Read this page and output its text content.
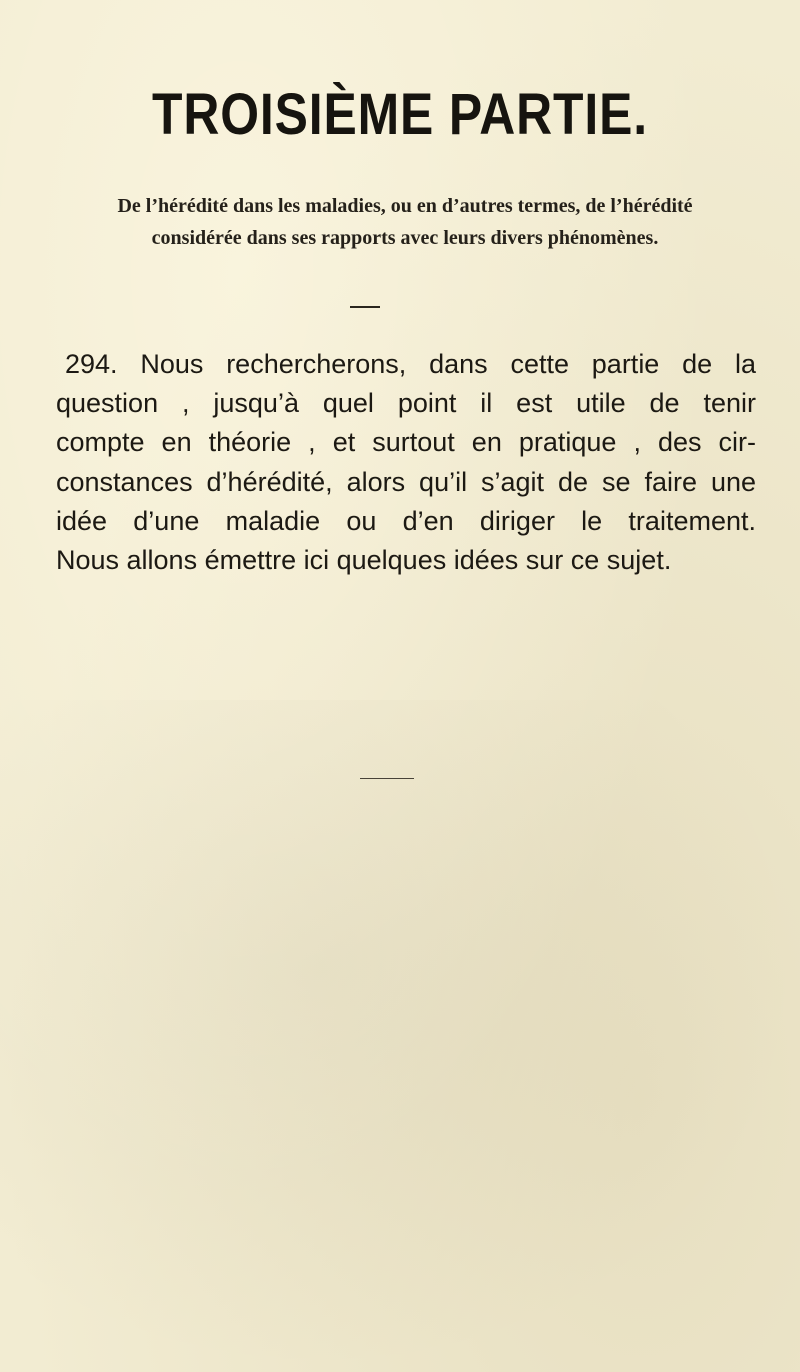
TROISIÈME PARTIE.
De l’hérédité dans les maladies, ou en d’autres termes, de l’hérédité
considérée dans ses rapports avec leurs divers phénomènes.
294. Nous rechercherons, dans cette partie de la
question , jusqu’à quel point il est utile de tenir
compte en théorie , et surtout en pratique , des cir-
constances d’hérédité, alors qu’il s’agit de se faire une
idée d’une maladie ou d’en diriger le traitement.
Nous allons émettre ici quelques idées sur ce sujet.
